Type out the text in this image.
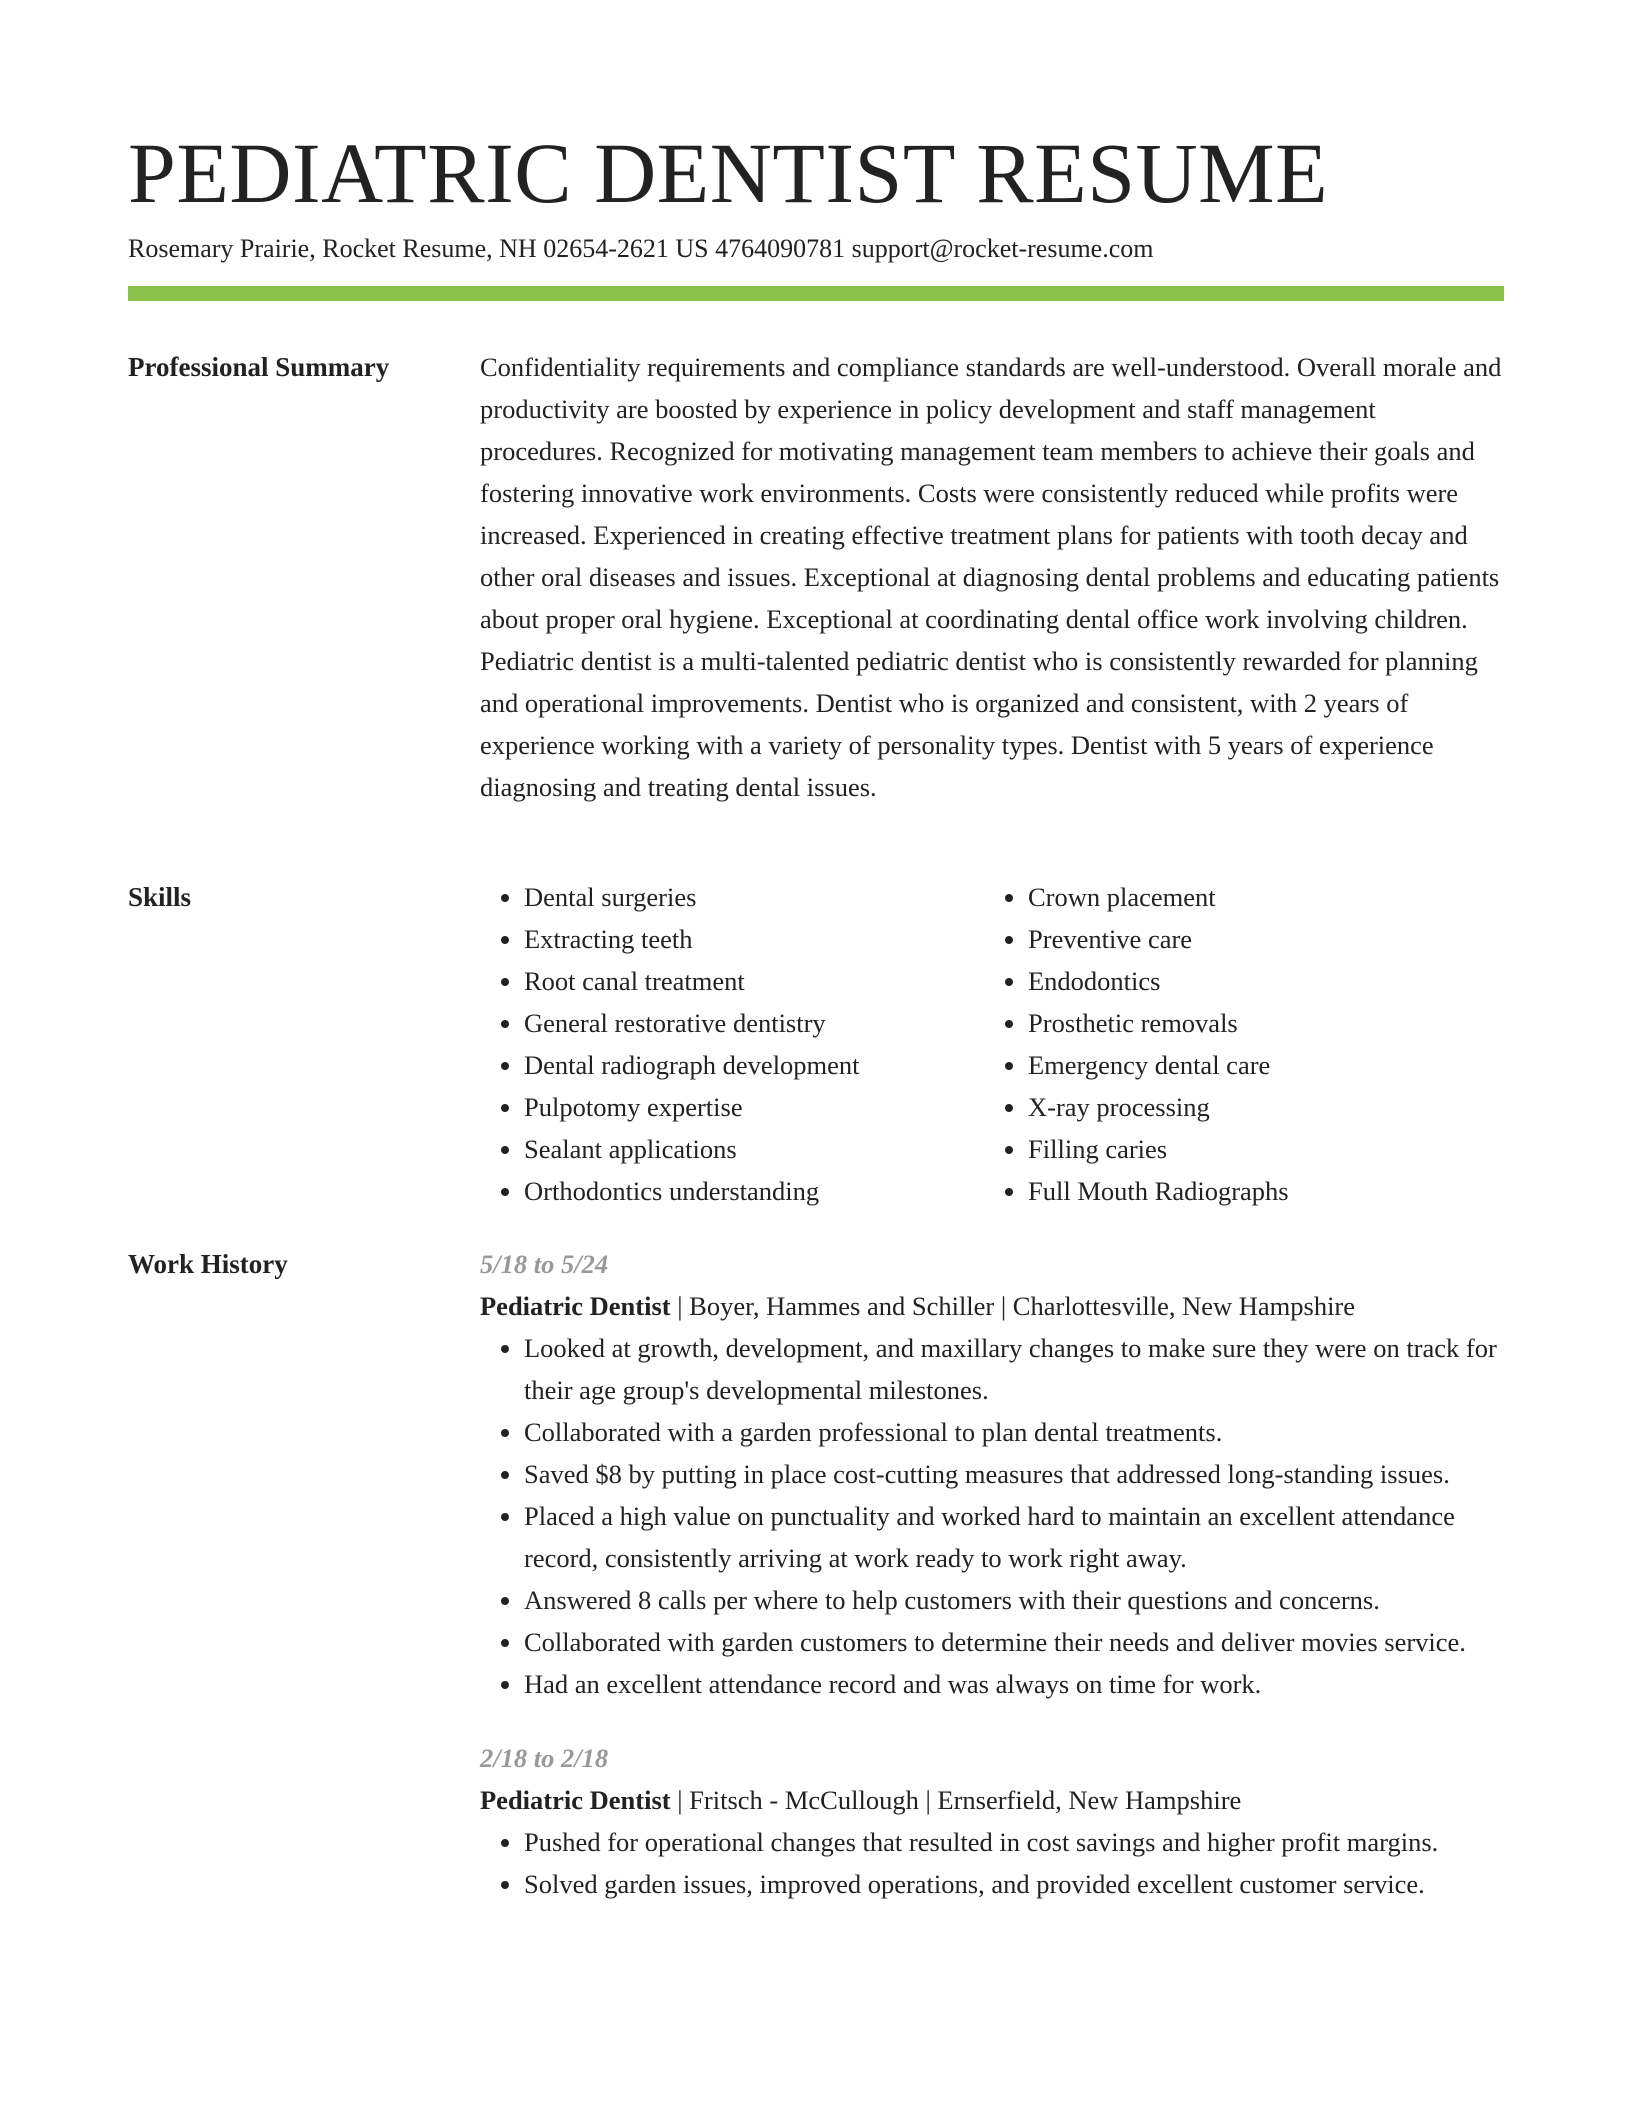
PEDIATRIC DENTIST RESUME
Rosemary Prairie, Rocket Resume, NH 02654-2621 US 4764090781 support@rocket-resume.com
Professional Summary	Confidentiality requirements and compliance standards are well-understood. Overall morale and productivity are boosted by experience in policy development and staff management procedures. Recognized for motivating management team members to achieve their goals and fostering innovative work environments. Costs were consistently reduced while profits were increased. Experienced in creating effective treatment plans for patients with tooth decay and other oral diseases and issues. Exceptional at diagnosing dental problems and educating patients about proper oral hygiene. Exceptional at coordinating dental office work involving children. Pediatric dentist is a multi-talented pediatric dentist who is consistently rewarded for planning and operational improvements. Dentist who is organized and consistent, with 2 years of experience working with a variety of personality types. Dentist with 5 years of experience diagnosing and treating dental issues.

Skills
•	Dental surgeries
• Extracting teeth
• Root canal treatment
• General restorative dentistry
• Dental radiograph development
• Pulpotomy expertise
• Sealant applications
• Orthodontics understanding
• Crown placement
• Preventive care
• Endodontics
• Prosthetic removals
• Emergency dental care
• X-ray processing
• Filling caries
• Full Mouth Radiographs
Work History	5/18 to 5/24
Pediatric Dentist | Boyer, Hammes and Schiller | Charlottesville, New Hampshire
• Looked at growth, development, and maxillary changes to make sure they were on track for their age group's developmental milestones.
• Collaborated with a garden professional to plan dental treatments.
• Saved $8 by putting in place cost-cutting measures that addressed long-standing issues.
• Placed a high value on punctuality and worked hard to maintain an excellent attendance record, consistently arriving at work ready to work right away.
• Answered 8 calls per where to help customers with their questions and concerns.
• Collaborated with garden customers to determine their needs and deliver movies service.
• Had an excellent attendance record and was always on time for work.
2/18 to 2/18
Pediatric Dentist | Fritsch - McCullough | Ernserfield, New Hampshire
• Pushed for operational changes that resulted in cost savings and higher profit margins.
• Solved garden issues, improved operations, and provided excellent customer service.
